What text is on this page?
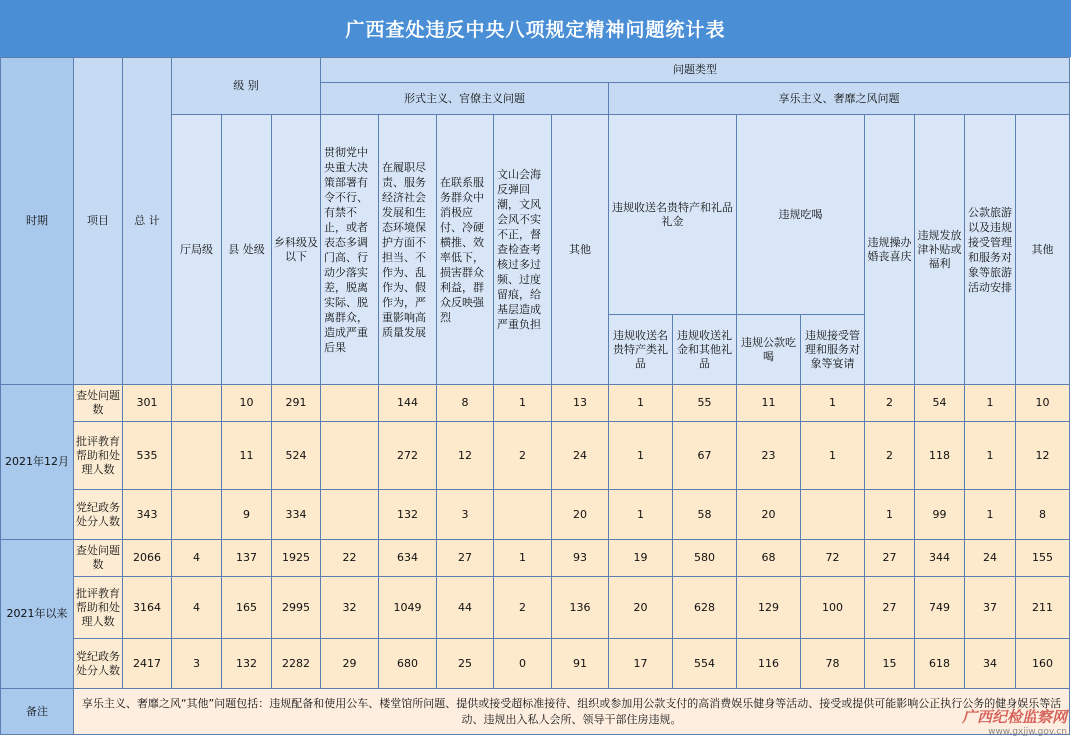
广西查处违反中央八项规定精神问题统计表
时期	项目	总 计	级 别			问题类型												
						形式主义、官僚主义问题					享乐主义、奢靡之风问题							
			厅局级	县 处级	乡科级及以下	贯彻党中央重大决策部署有令不行、有禁不止，或者表态多调门高、行动少落实差，脱离实际、脱离群众，造成严重后果	在履职尽责、服务经济社会发展和生态环境保护方面不担当、不作为、乱作为、假作为，严重影响高质量发展	在联系服务群众中消极应付、冷硬横推、效率低下，损害群众利益，群众反映强烈	文山会海反弹回潮，文风会风不实不正，督查检查考核过多过频、过度留痕，给基层造成严重负担	其他	违规收送名贵特产和礼品礼金		违规吃喝		违规操办婚丧喜庆	违规发放津补贴或福利	公款旅游以及违规接受管理和服务对象等旅游活动安排	其他
											违规收送名贵特产类礼品	违规收送礼金和其他礼品	违规公款吃喝	违规接受管理和服务对象等宴请				
2021年12月	查处问题数	301		10	291		144	8	1	13	1	55	11	1	2	54	1	10
	批评教育帮助和处理人数	535		11	524		272	12	2	24	1	67	23	1	2	118	1	12
	党纪政务处分人数	343		9	334		132	3		20	1	58	20		1	99	1	8
2021年以来	查处问题数	2066	4	137	1925	22	634	27	1	93	19	580	68	72	27	344	24	155
	批评教育帮助和处理人数	3164	4	165	2995	32	1049	44	2	136	20	628	129	100	27	749	37	211
	党纪政务处分人数	2417	3	132	2282	29	680	25	0	91	17	554	116	78	15	618	34	160
备注	享乐主义、奢靡之风“其他”问题包括：违规配备和使用公车、楼堂馆所问题、提供或接受超标准接待、组织或参加用公款支付的高消费娱乐健身等活动、接受或提供可能影响公正执行公务的健身娱乐等活动、违规出入私人会所、领导干部住房违规。																		广西纪检监察网
www.gxjjw.gov.cn
